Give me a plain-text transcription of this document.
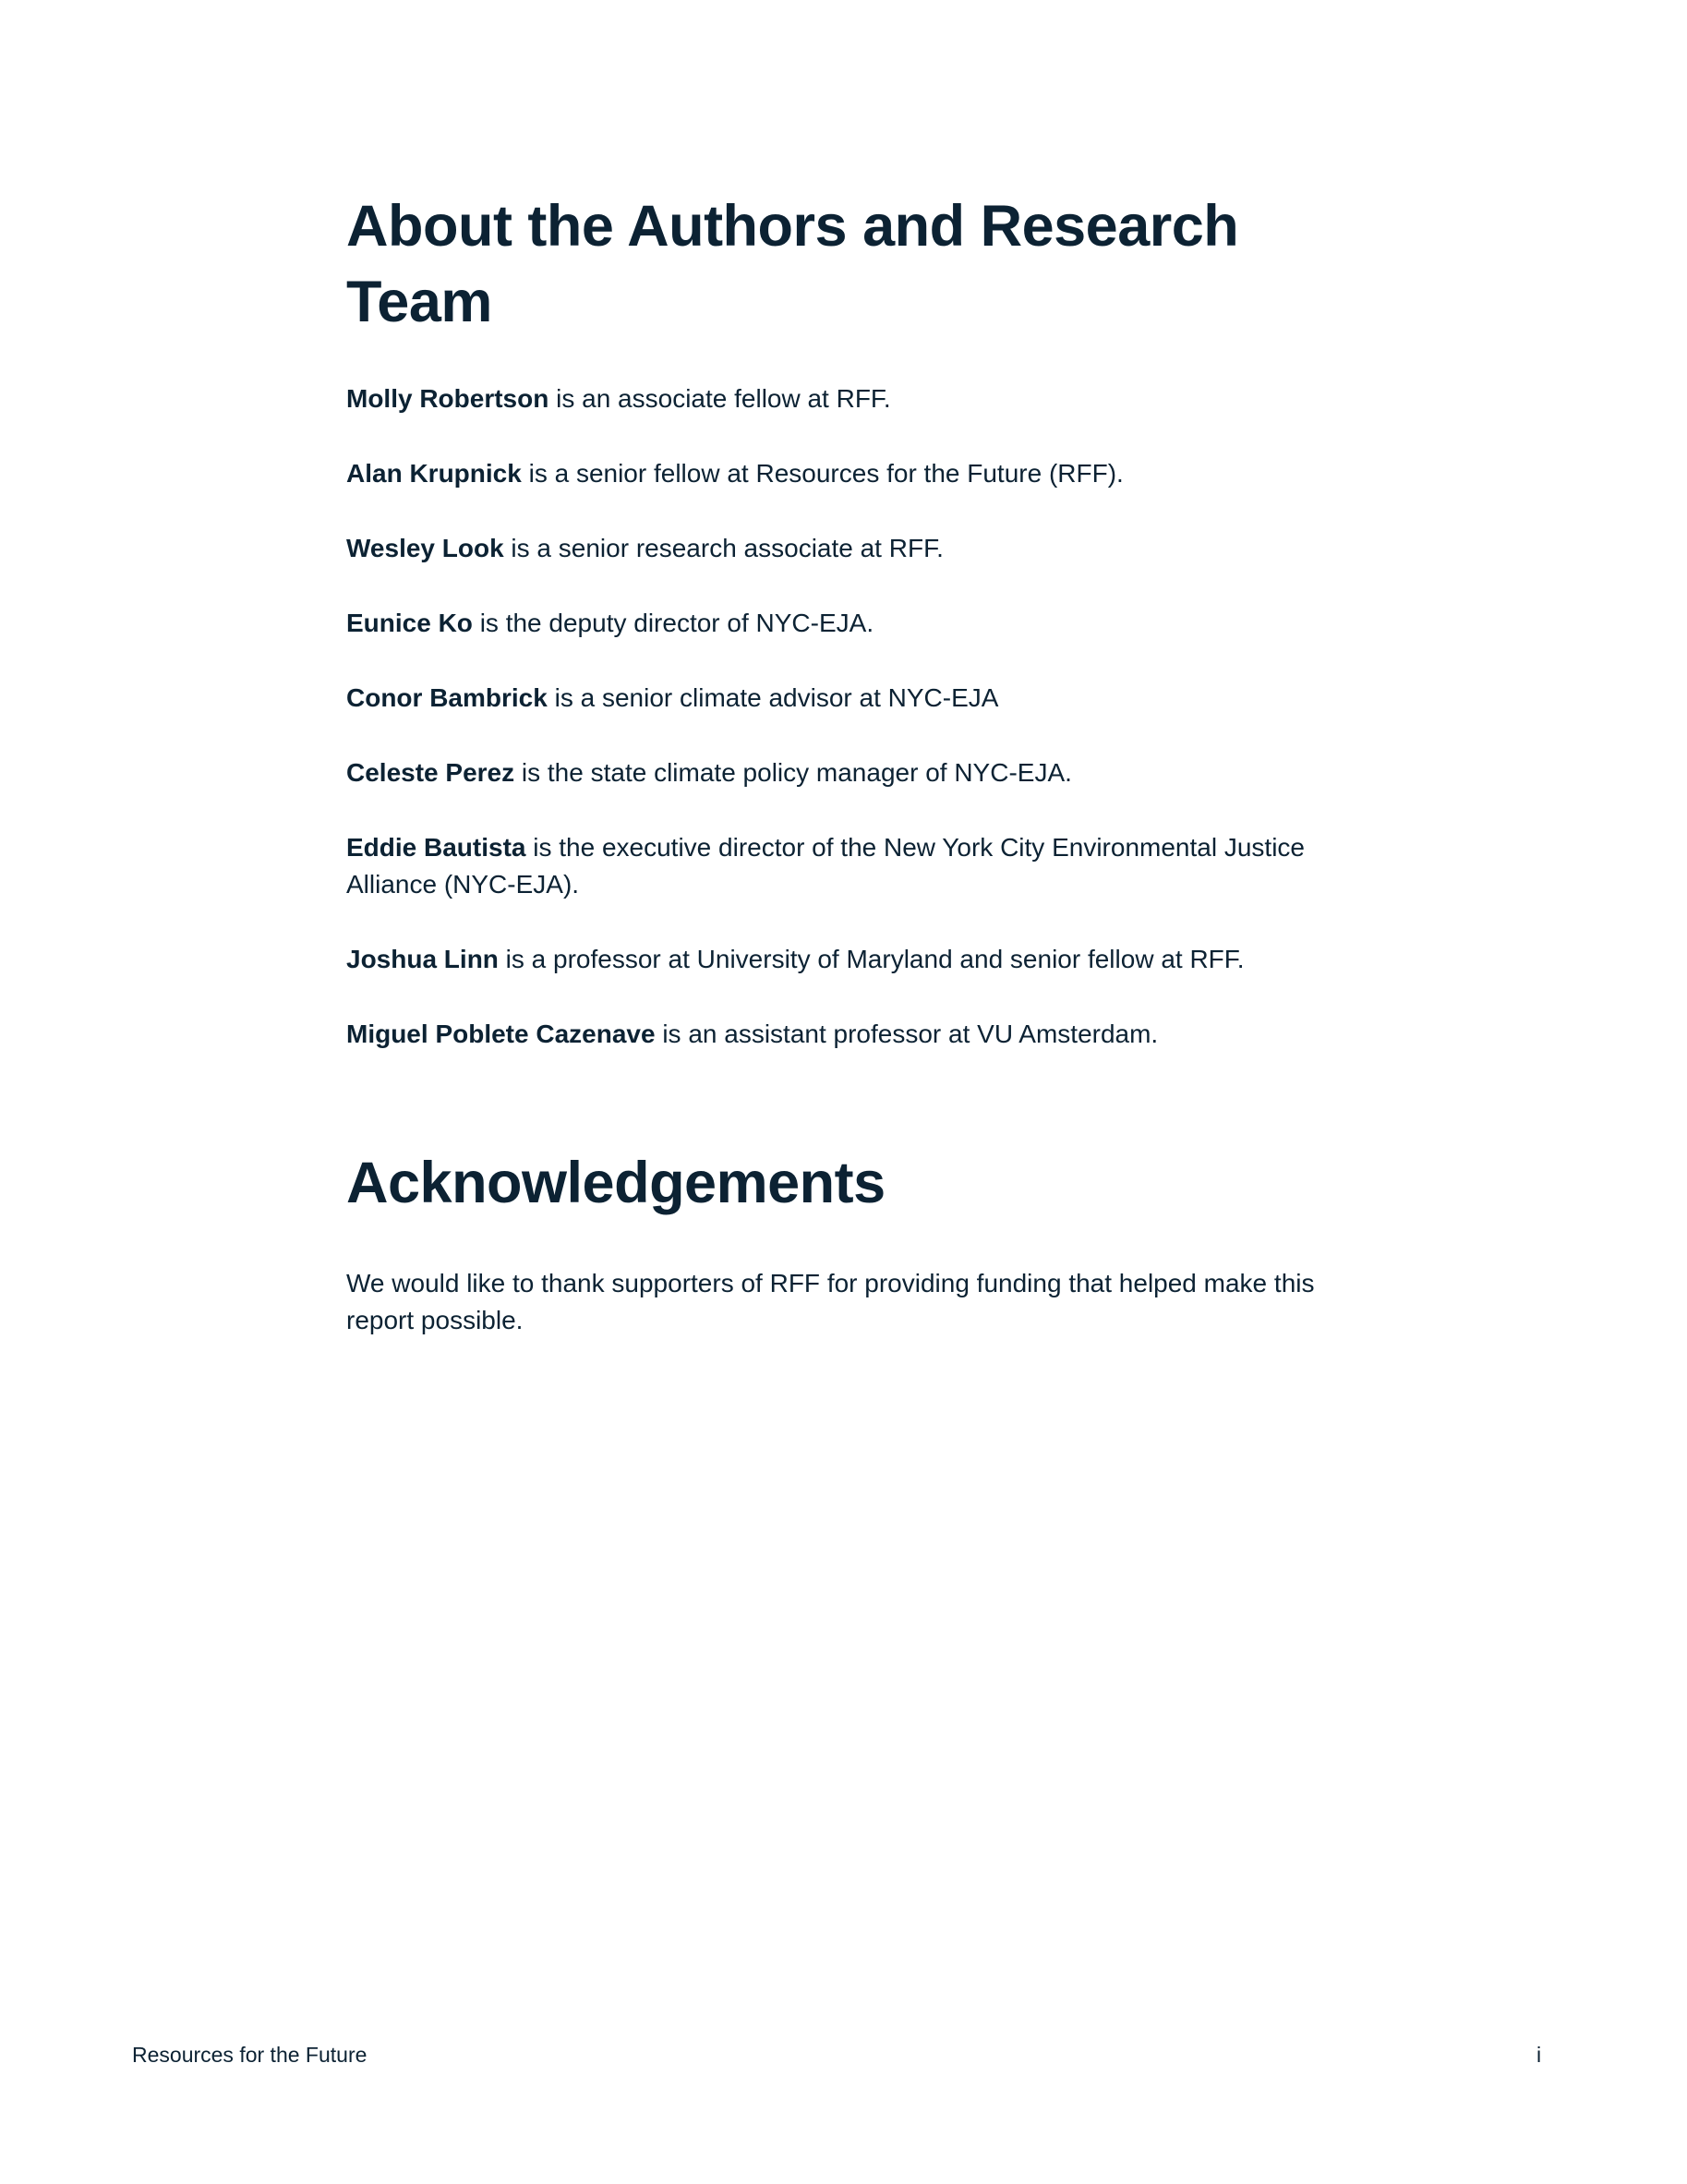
About the Authors and Research Team

Molly Robertson is an associate fellow at RFF.

Alan Krupnick is a senior fellow at Resources for the Future (RFF).

Wesley Look is a senior research associate at RFF.

Eunice Ko is the deputy director of NYC-EJA.

Conor Bambrick is a senior climate advisor at NYC-EJA

Celeste Perez is the state climate policy manager of NYC-EJA.

Eddie Bautista is the executive director of the New York City Environmental Justice Alliance (NYC-EJA).

Joshua Linn is a professor at University of Maryland and senior fellow at RFF.

Miguel Poblete Cazenave is an assistant professor at VU Amsterdam.

Acknowledgements

We would like to thank supporters of RFF for providing funding that helped make this report possible.

Resources for the Future	i
